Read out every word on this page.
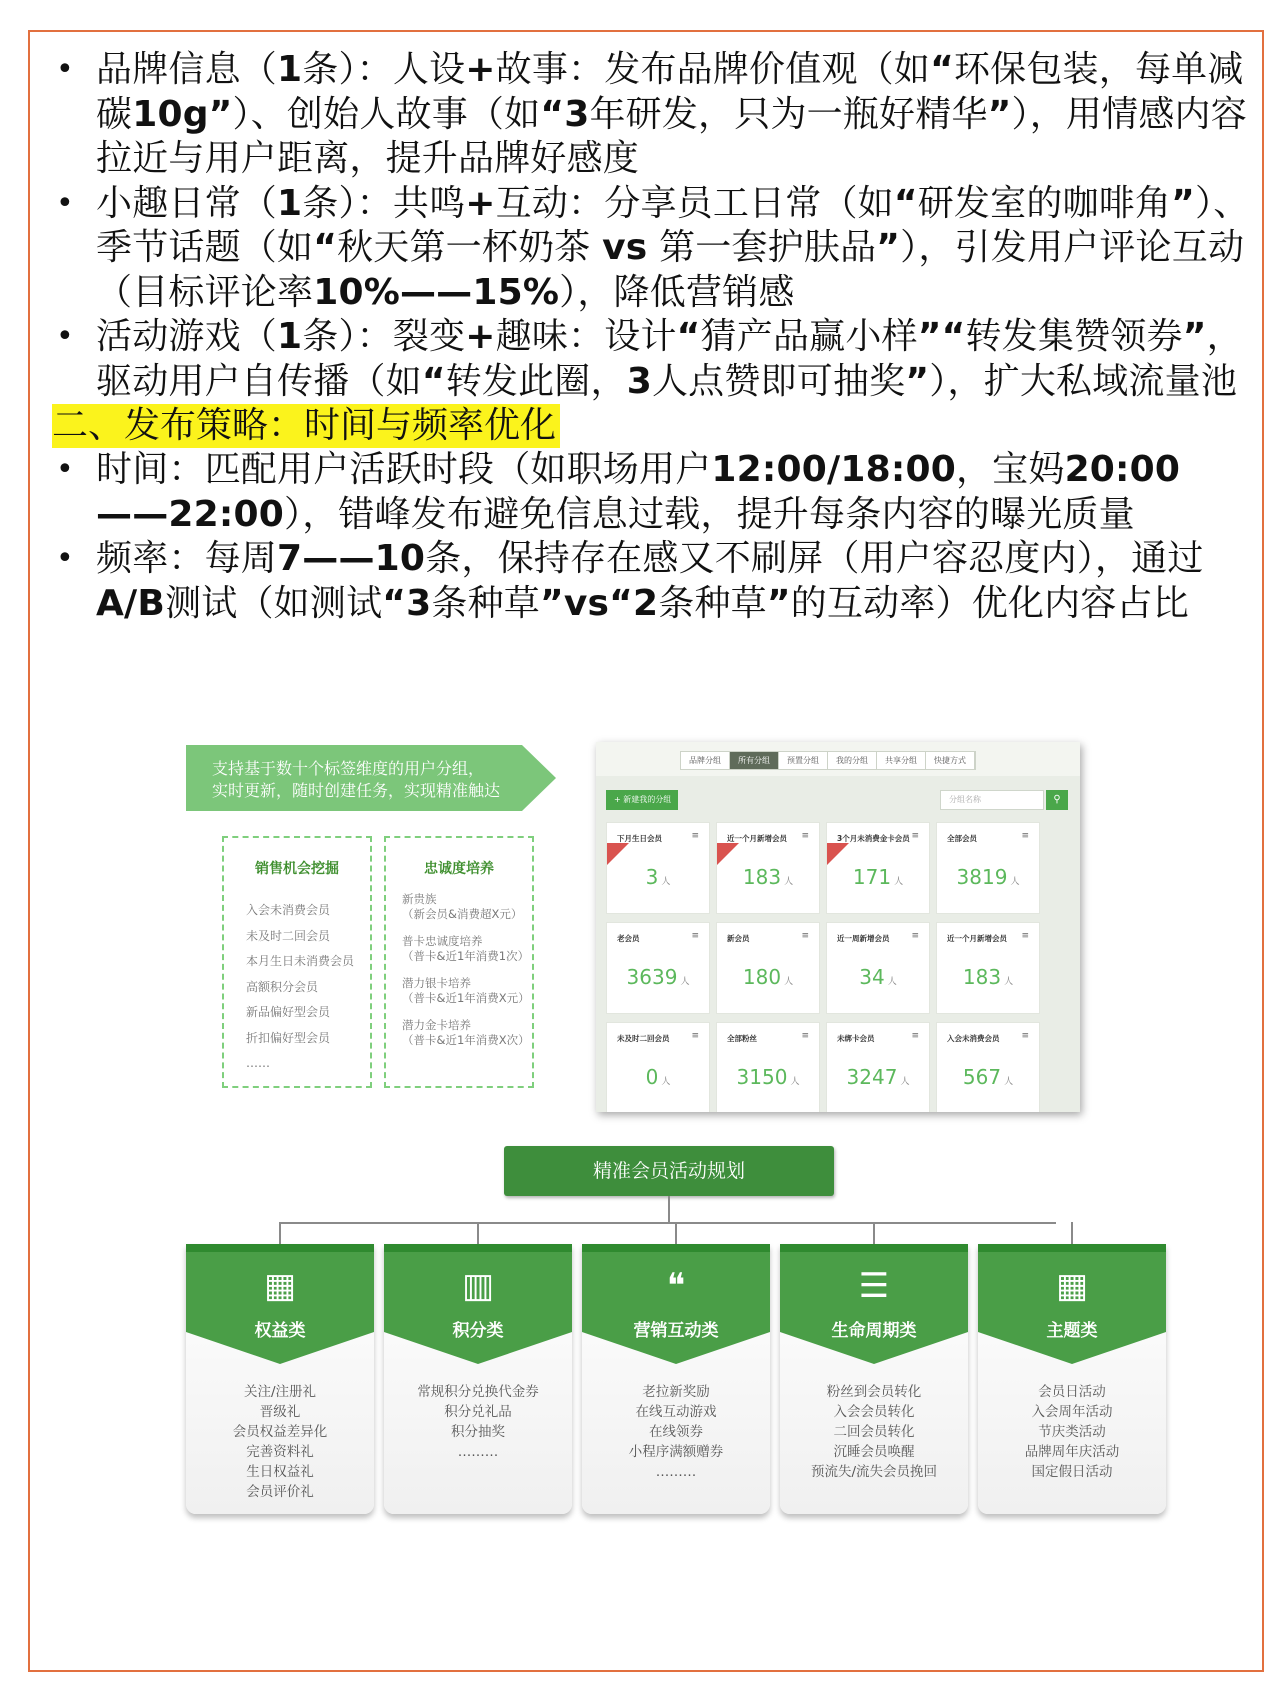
• 品牌信息（1条）：人设+故事：发布品牌价值观（如“环保包装，每单减碳10g”）、创始人故事（如“3年研发，只为一瓶好精华”），用情感内容拉近与用户距离，提升品牌好感度
• 小趣日常（1条）：共鸣+互动：分享员工日常（如“研发室的咖啡角”）、季节话题（如“秋天第一杯奶茶 vs 第一套护肤品”），引发用户评论互动（目标评论率10%——15%），降低营销感
• 活动游戏（1条）：裂变+趣味：设计“猜产品赢小样”“转发集赞领券”，驱动用户自传播（如“转发此圈，3人点赞即可抽奖”），扩大私域流量池
二、发布策略：时间与频率优化
• 时间：匹配用户活跃时段（如职场用户12:00/18:00，宝妈20:00——22:00），错峰发布避免信息过载，提升每条内容的曝光质量
• 频率：每周7——10条，保持存在感又不刷屏（用户容忍度内），通过A/B测试（如测试“3条种草”vs“2条种草”的互动率）优化内容占比
支持基于数十个标签维度的用户分组，
实时更新，随时创建任务，实现精准触达
销售机会挖掘
入会未消费会员
未及时二回会员
本月生日未消费会员
高额积分会员
新品偏好型会员
折扣偏好型会员
……
忠诚度培养
新贵族
（新会员&消费超X元）
普卡忠诚度培养
（普卡&近1年消费1次）
潜力银卡培养
（普卡&近1年消费X元）
潜力金卡培养
（普卡&近1年消费X次）
品牌分组	所有分组	预置分组	我的分组	共享分组	快捷方式
+ 新建我的分组	分组名称	⚲
下月生日会员	≡
3 人
近一个月新增会员 ≡
183 人
3个月未消费金卡会员 ≡
171 人
全部会员	≡
3819 人
老会员	≡
3639 人
新会员	≡
180 人
近一周新增会员 ≡
34 人
近一个月新增会员 ≡
183 人
未及时二回会员 ≡
0 人
全部粉丝	≡
3150 人
未绑卡会员	≡
3247 人
入会未消费会员 ≡
567 人
精准会员活动规划
▦
权益类
关注/注册礼
晋级礼
会员权益差异化
完善资料礼
生日权益礼
会员评价礼
▥
积分类
常规积分兑换代金券
积分兑礼品
积分抽奖
………
❝
营销互动类
老拉新奖励
在线互动游戏
在线领券
小程序满额赠券
………
☰
生命周期类
粉丝到会员转化
入会会员转化
二回会员转化
沉睡会员唤醒
预流失/流失会员挽回
▦
主题类
会员日活动
入会周年活动
节庆类活动
品牌周年庆活动
国定假日活动
